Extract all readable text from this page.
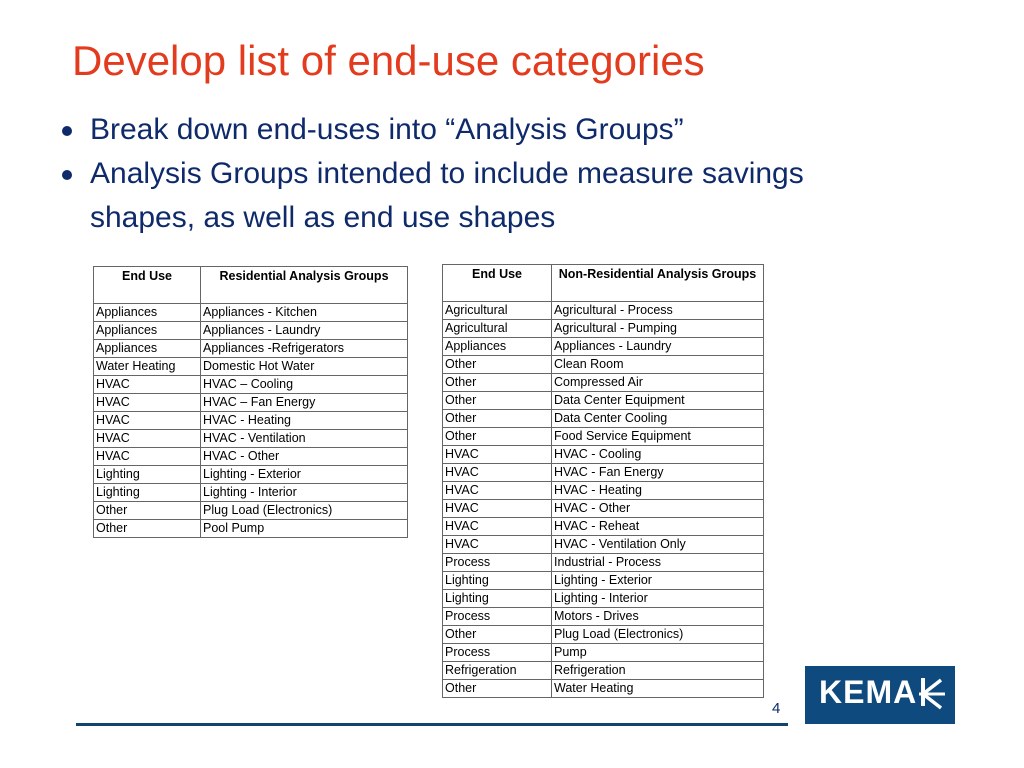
Develop list of end-use categories
Break down end-uses into “Analysis Groups”
Analysis Groups intended to include measure savings shapes, as well as end use shapes
End Use	Residential Analysis Groups
Appliances	Appliances - Kitchen
Appliances	Appliances - Laundry
Appliances	Appliances -Refrigerators
Water Heating	Domestic Hot Water
HVAC	HVAC – Cooling
HVAC	HVAC – Fan Energy
HVAC	HVAC - Heating
HVAC	HVAC - Ventilation
HVAC	HVAC - Other
Lighting	Lighting - Exterior
Lighting	Lighting - Interior
Other	Plug Load (Electronics)
Other	Pool Pump
End Use	Non-Residential Analysis Groups
Agricultural	Agricultural - Process
Agricultural	Agricultural - Pumping
Appliances	Appliances - Laundry
Other	Clean Room
Other	Compressed Air
Other	Data Center Equipment
Other	Data Center Cooling
Other	Food Service Equipment
HVAC	HVAC - Cooling
HVAC	HVAC - Fan Energy
HVAC	HVAC - Heating
HVAC	HVAC - Other
HVAC	HVAC - Reheat
HVAC	HVAC - Ventilation Only
Process	Industrial - Process
Lighting	Lighting - Exterior
Lighting	Lighting - Interior
Process	Motors - Drives
Other	Plug Load (Electronics)
Process	Pump
Refrigeration	Refrigeration
Other	Water Heating
4 KEMA
